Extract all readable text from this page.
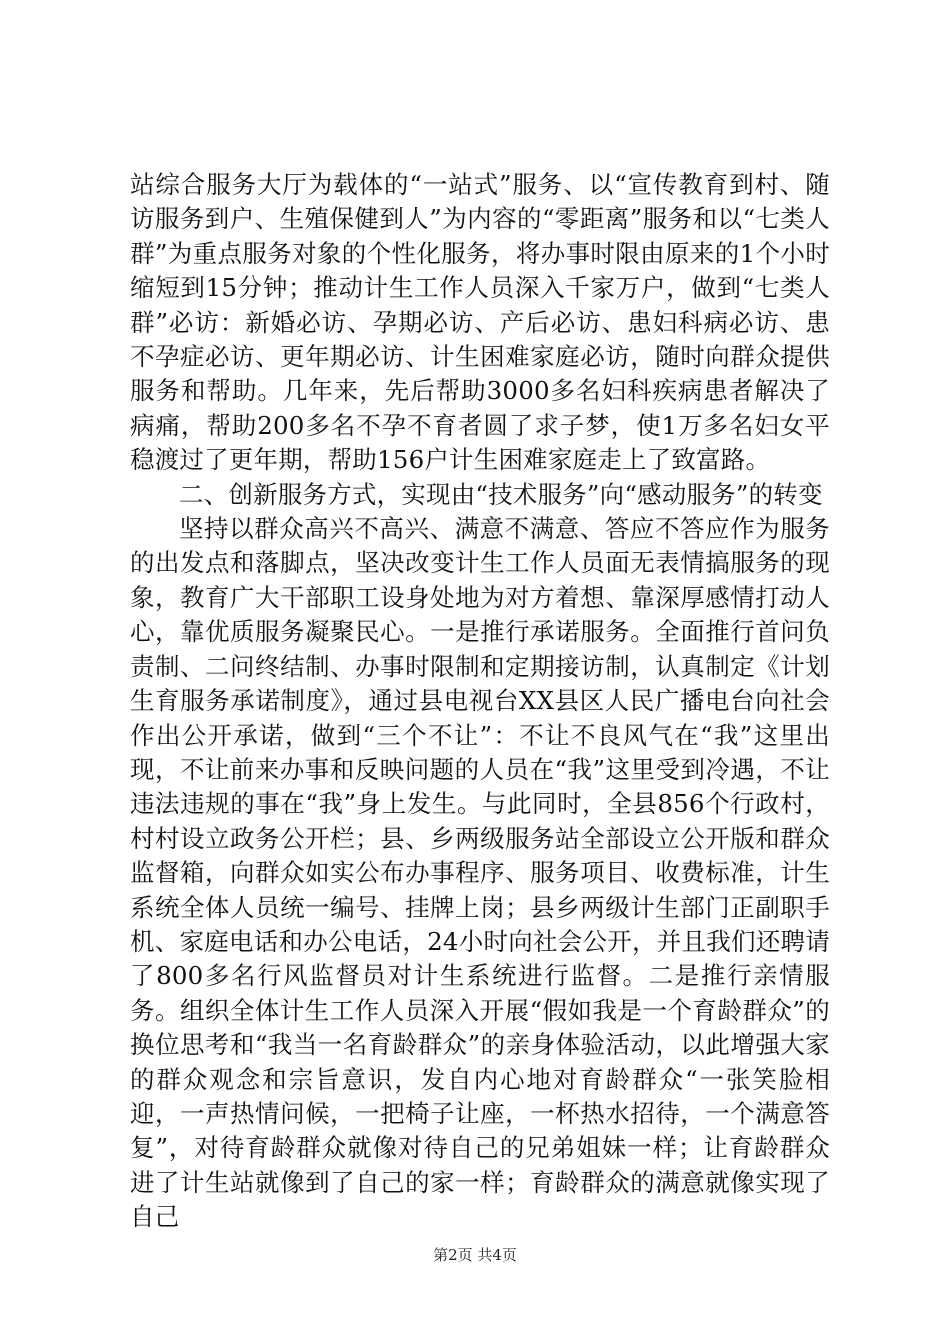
站综合服务大厅为载体的“一站式”服务、以“宣传教育到村、随访服务到户、生殖保健到人”为内容的“零距离”服务和以“七类人群”为重点服务对象的个性化服务，将办事时限由原来的1个小时缩短到15分钟；推动计生工作人员深入千家万户，做到“七类人群”必访：新婚必访、孕期必访、产后必访、患妇科病必访、患不孕症必访、更年期必访、计生困难家庭必访，随时向群众提供服务和帮助。几年来，先后帮助3000多名妇科疾病患者解决了病痛，帮助200多名不孕不育者圆了求子梦，使1万多名妇女平稳渡过了更年期，帮助156户计生困难家庭走上了致富路。

二、创新服务方式，实现由“技术服务”向“感动服务”的转变

坚持以群众高兴不高兴、满意不满意、答应不答应作为服务的出发点和落脚点，坚决改变计生工作人员面无表情搞服务的现象，教育广大干部职工设身处地为对方着想、靠深厚感情打动人心，靠优质服务凝聚民心。一是推行承诺服务。全面推行首问负责制、二问终结制、办事时限制和定期接访制，认真制定《计划生育服务承诺制度》，通过县电视台XX县区人民广播电台向社会作出公开承诺，做到“三个不让”：不让不良风气在“我”这里出现，不让前来办事和反映问题的人员在“我”这里受到冷遇，不让违法违规的事在“我”身上发生。与此同时，全县856个行政村，村村设立政务公开栏；县、乡两级服务站全部设立公开版和群众监督箱，向群众如实公布办事程序、服务项目、收费标准，计生系统全体人员统一编号、挂牌上岗；县乡两级计生部门正副职手机、家庭电话和办公电话，24小时向社会公开，并且我们还聘请了800多名行风监督员对计生系统进行监督。二是推行亲情服务。组织全体计生工作人员深入开展“假如我是一个育龄群众”的换位思考和“我当一名育龄群众”的亲身体验活动，以此增强大家的群众观念和宗旨意识，发自内心地对育龄群众“一张笑脸相迎，一声热情问候，一把椅子让座，一杯热水招待，一个满意答复”，对待育龄群众就像对待自己的兄弟姐妹一样；让育龄群众进了计生站就像到了自己的家一样；育龄群众的满意就像实现了自己

第2页 共4页
